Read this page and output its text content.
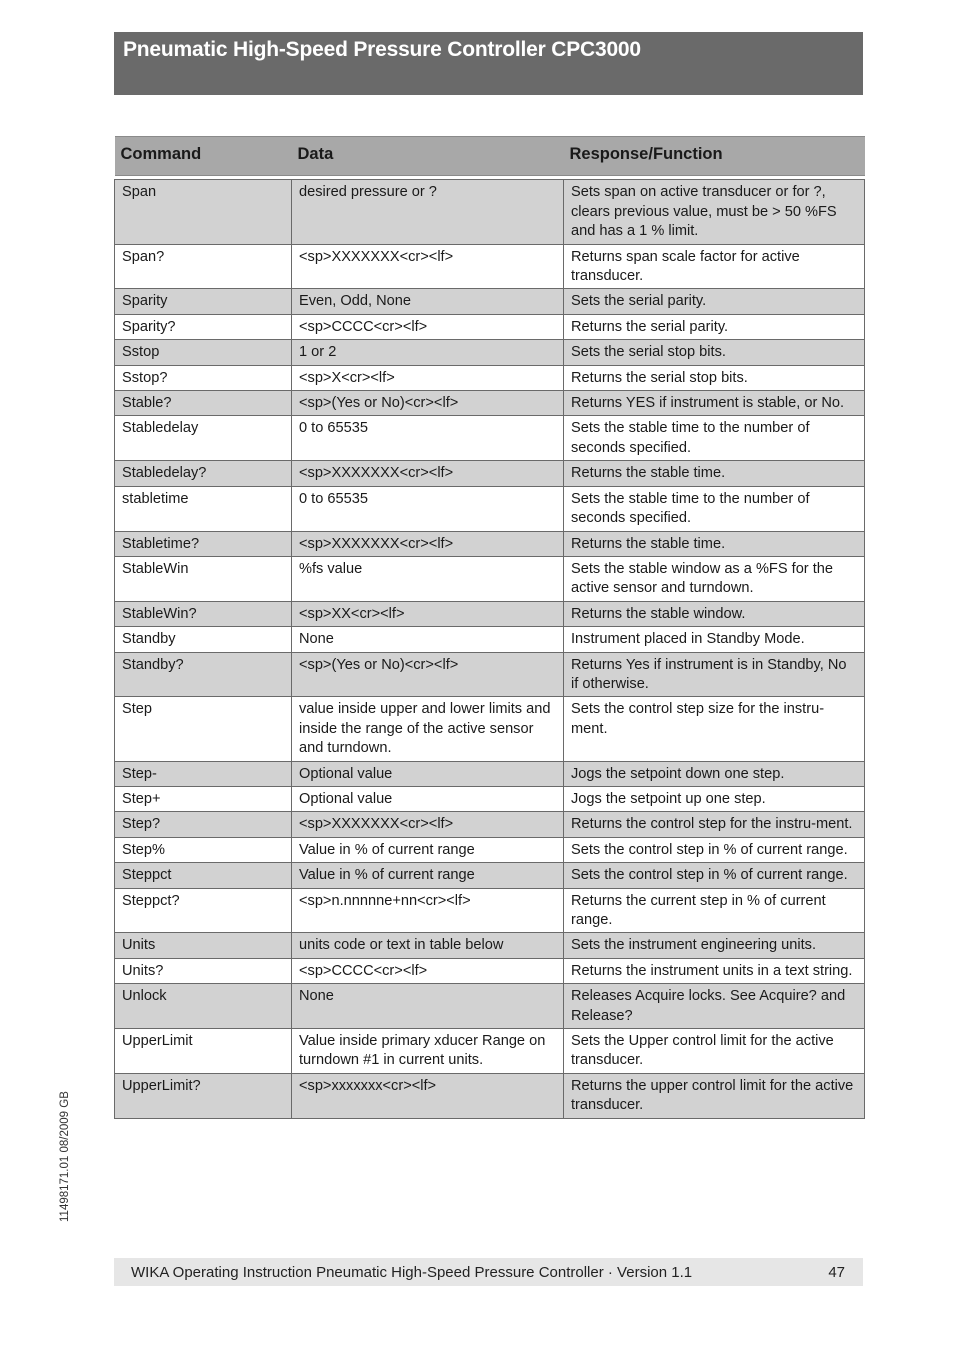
Pneumatic High-Speed Pressure Controller CPC3000
Command	Data	Response/Function

Span	desired pressure or ?	Sets span on active transducer or for ?, clears previous value, must be > 50 %FS and has a 1 % limit.
Span?	<sp>XXXXXXX<cr><lf>	Returns span scale factor for active transducer.
Sparity	Even, Odd, None	Sets the serial parity.
Sparity?	<sp>CCCC<cr><lf>	Returns the serial parity.
Sstop	1 or 2	Sets the serial stop bits.
Sstop?	<sp>X<cr><lf>	Returns the serial stop bits.
Stable?	<sp>(Yes or No)<cr><lf>	Returns YES if instrument is stable, or No.
Stabledelay	0 to 65535	Sets the stable time to the number of seconds specified.
Stabledelay?	<sp>XXXXXXX<cr><lf>	Returns the stable time.
stabletime	0 to 65535	Sets the stable time to the number of seconds specified.
Stabletime?	<sp>XXXXXXX<cr><lf>	Returns the stable time.
StableWin	%fs value	Sets the stable window as a %FS for the active sensor and turndown.
StableWin?	<sp>XX<cr><lf>	Returns the stable window.
Standby	None	Instrument placed in Standby Mode.
Standby?	<sp>(Yes or No)<cr><lf>	Returns Yes if instrument is in Standby, No if otherwise.
Step	value inside upper and lower limits and inside the range of the active sensor and turndown.	Sets the control step size for the instru-ment.
Step-	Optional value	Jogs the setpoint down one step.
Step+	Optional value	Jogs the setpoint up one step.
Step?	<sp>XXXXXXX<cr><lf>	Returns the control step for the instru-ment.
Step%	Value in % of current range	Sets the control step in % of current range.
Steppct	Value in % of current range	Sets the control step in % of current range.
Steppct?	<sp>n.nnnnne+nn<cr><lf>	Returns the current step in % of current range.
Units	units code or text in table below	Sets the instrument engineering units.
Units?	<sp>CCCC<cr><lf>	Returns the instrument units in a text string.
Unlock	None	Releases Acquire locks. See Acquire? and Release?
UpperLimit	Value inside primary xducer Range on turndown #1 in current units.	Sets the Upper control limit for the active transducer.
UpperLimit?	<sp>xxxxxxx<cr><lf>	Returns the upper control limit for the active transducer.
11498171.01 08/2009 GB
WIKA Operating Instruction Pneumatic High-Speed Pressure Controller · Version 1.1	47
